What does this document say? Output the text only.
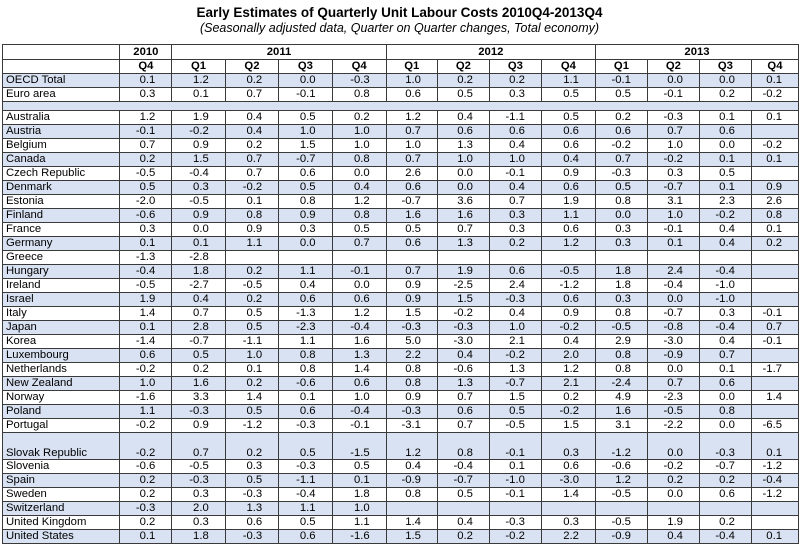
Early Estimates of Quarterly Unit Labour Costs 2010Q4-2013Q4
(Seasonally adjusted data, Quarter on Quarter changes, Total economy)
	2010	2011				2012				2013			
	Q4	Q1	Q2	Q3	Q4	Q1	Q2	Q3	Q4	Q1	Q2	Q3	Q4
OECD Total	0.1	1.2	0.2	0.0	-0.3	1.0	0.2	0.2	1.1	-0.1	0.0	0.0	0.1
Euro area	0.3	0.1	0.7	-0.1	0.8	0.6	0.5	0.3	0.5	0.5	-0.1	0.2	-0.2

Australia	1.2	1.9	0.4	0.5	0.2	1.2	0.4	-1.1	0.5	0.2	-0.3	0.1	0.1
Austria	-0.1	-0.2	0.4	1.0	1.0	0.7	0.6	0.6	0.6	0.6	0.7	0.6	
Belgium	0.7	0.9	0.2	1.5	1.0	1.0	1.3	0.4	0.6	-0.2	1.0	0.0	-0.2
Canada	0.2	1.5	0.7	-0.7	0.8	0.7	1.0	1.0	0.4	0.7	-0.2	0.1	0.1
Czech Republic	-0.5	-0.4	0.7	0.6	0.0	2.6	0.0	-0.1	0.9	-0.3	0.3	0.5	
Denmark	0.5	0.3	-0.2	0.5	0.4	0.6	0.0	0.4	0.6	0.5	-0.7	0.1	0.9
Estonia	-2.0	-0.5	0.1	0.8	1.2	-0.7	3.6	0.7	1.9	0.8	3.1	2.3	2.6
Finland	-0.6	0.9	0.8	0.9	0.8	1.6	1.6	0.3	1.1	0.0	1.0	-0.2	0.8
France	0.3	0.0	0.9	0.3	0.5	0.5	0.7	0.3	0.6	0.3	-0.1	0.4	0.1
Germany	0.1	0.1	1.1	0.0	0.7	0.6	1.3	0.2	1.2	0.3	0.1	0.4	0.2
Greece	-1.3	-2.8											
Hungary	-0.4	1.8	0.2	1.1	-0.1	0.7	1.9	0.6	-0.5	1.8	2.4	-0.4	
Ireland	-0.5	-2.7	-0.5	0.4	0.0	0.9	-2.5	2.4	-1.2	1.8	-0.4	-1.0	
Israel	1.9	0.4	0.2	0.6	0.6	0.9	1.5	-0.3	0.6	0.3	0.0	-1.0	
Italy	1.4	0.7	0.5	-1.3	1.2	1.5	-0.2	0.4	0.9	0.8	-0.7	0.3	-0.1
Japan	0.1	2.8	0.5	-2.3	-0.4	-0.3	-0.3	1.0	-0.2	-0.5	-0.8	-0.4	0.7
Korea	-1.4	-0.7	-1.1	1.1	1.6	5.0	-3.0	2.1	0.4	2.9	-3.0	0.4	-0.1
Luxembourg	0.6	0.5	1.0	0.8	1.3	2.2	0.4	-0.2	2.0	0.8	-0.9	0.7	
Netherlands	-0.2	0.2	0.1	0.8	1.4	0.8	-0.6	1.3	1.2	0.8	0.0	0.1	-1.7
New Zealand	1.0	1.6	0.2	-0.6	0.6	0.8	1.3	-0.7	2.1	-2.4	0.7	0.6	
Norway	-1.6	3.3	1.4	0.1	1.0	0.9	0.7	1.5	0.2	4.9	-2.3	0.0	1.4
Poland	1.1	-0.3	0.5	0.6	-0.4	-0.3	0.6	0.5	-0.2	1.6	-0.5	0.8	
Portugal	-0.2	0.9	-1.2	-0.3	-0.1	-3.1	0.7	-0.5	1.5	3.1	-2.2	0.0	-6.5
Slovak Republic	-0.2	0.7	0.2	0.5	-1.5	1.2	0.8	-0.1	0.3	-1.2	0.0	-0.3	0.1
Slovenia	-0.6	-0.5	0.3	-0.3	0.5	0.4	-0.4	0.1	0.6	-0.6	-0.2	-0.7	-1.2
Spain	0.2	-0.3	0.5	-1.1	0.1	-0.9	-0.7	-1.0	-3.0	1.2	0.2	0.2	-0.4
Sweden	0.2	0.3	-0.3	-0.4	1.8	0.8	0.5	-0.1	1.4	-0.5	0.0	0.6	-1.2
Switzerland	-0.3	2.0	1.3	1.1	1.0								
United Kingdom	0.2	0.3	0.6	0.5	1.1	1.4	0.4	-0.3	0.3	-0.5	1.9	0.2	
United States	0.1	1.8	-0.3	0.6	-1.6	1.5	0.2	-0.2	2.2	-0.9	0.4	-0.4	0.1
